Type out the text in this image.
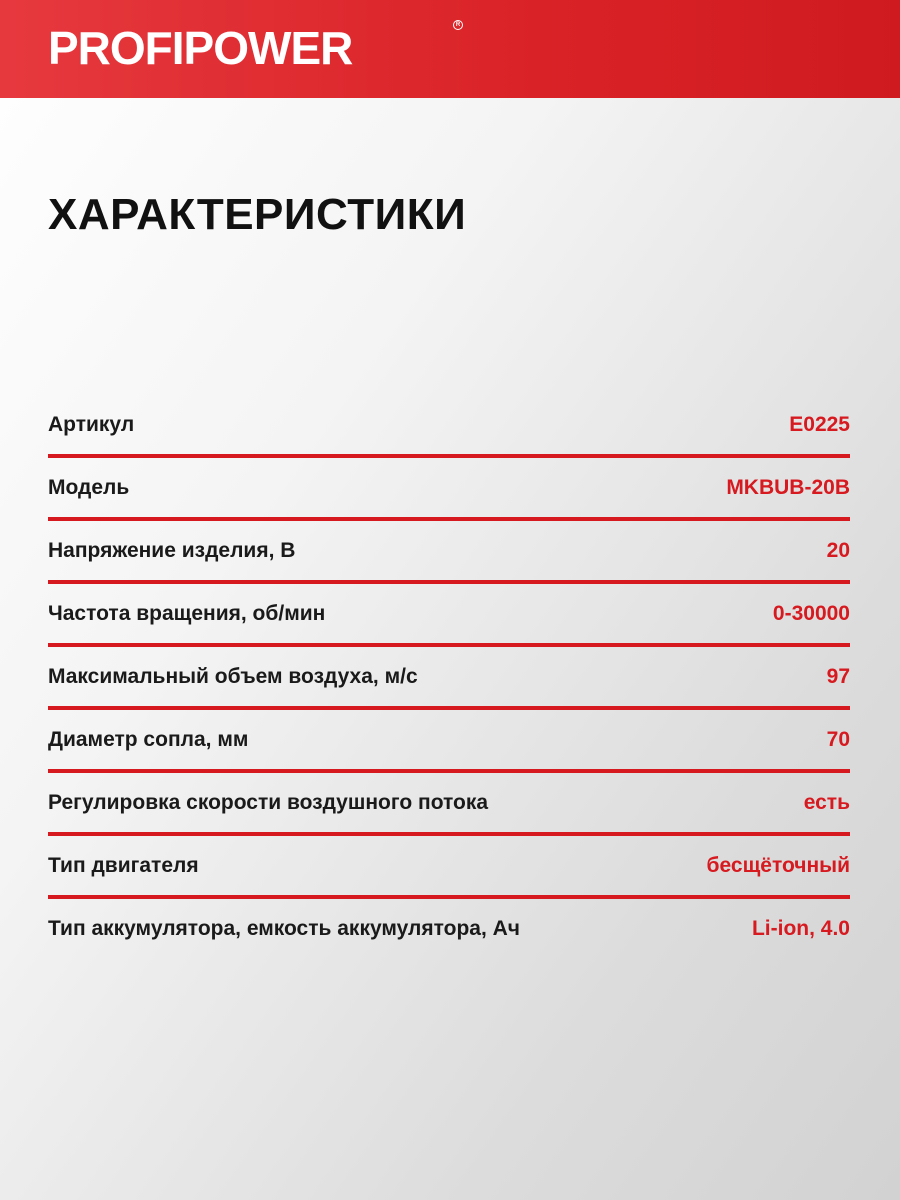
PROFIPOWER	R
ХАРАКТЕРИСТИКИ
Артикул	E0225
Модель	MKBUB-20B
Напряжение изделия, В	20
Частота вращения, об/мин	0-30000
Максимальный объем воздуха, м/с	97
Диаметр сопла, мм	70
Регулировка скорости воздушного потока	есть
Тип двигателя	бесщёточный
Тип аккумулятора, емкость аккумулятора, Ач	Li-ion, 4.0
